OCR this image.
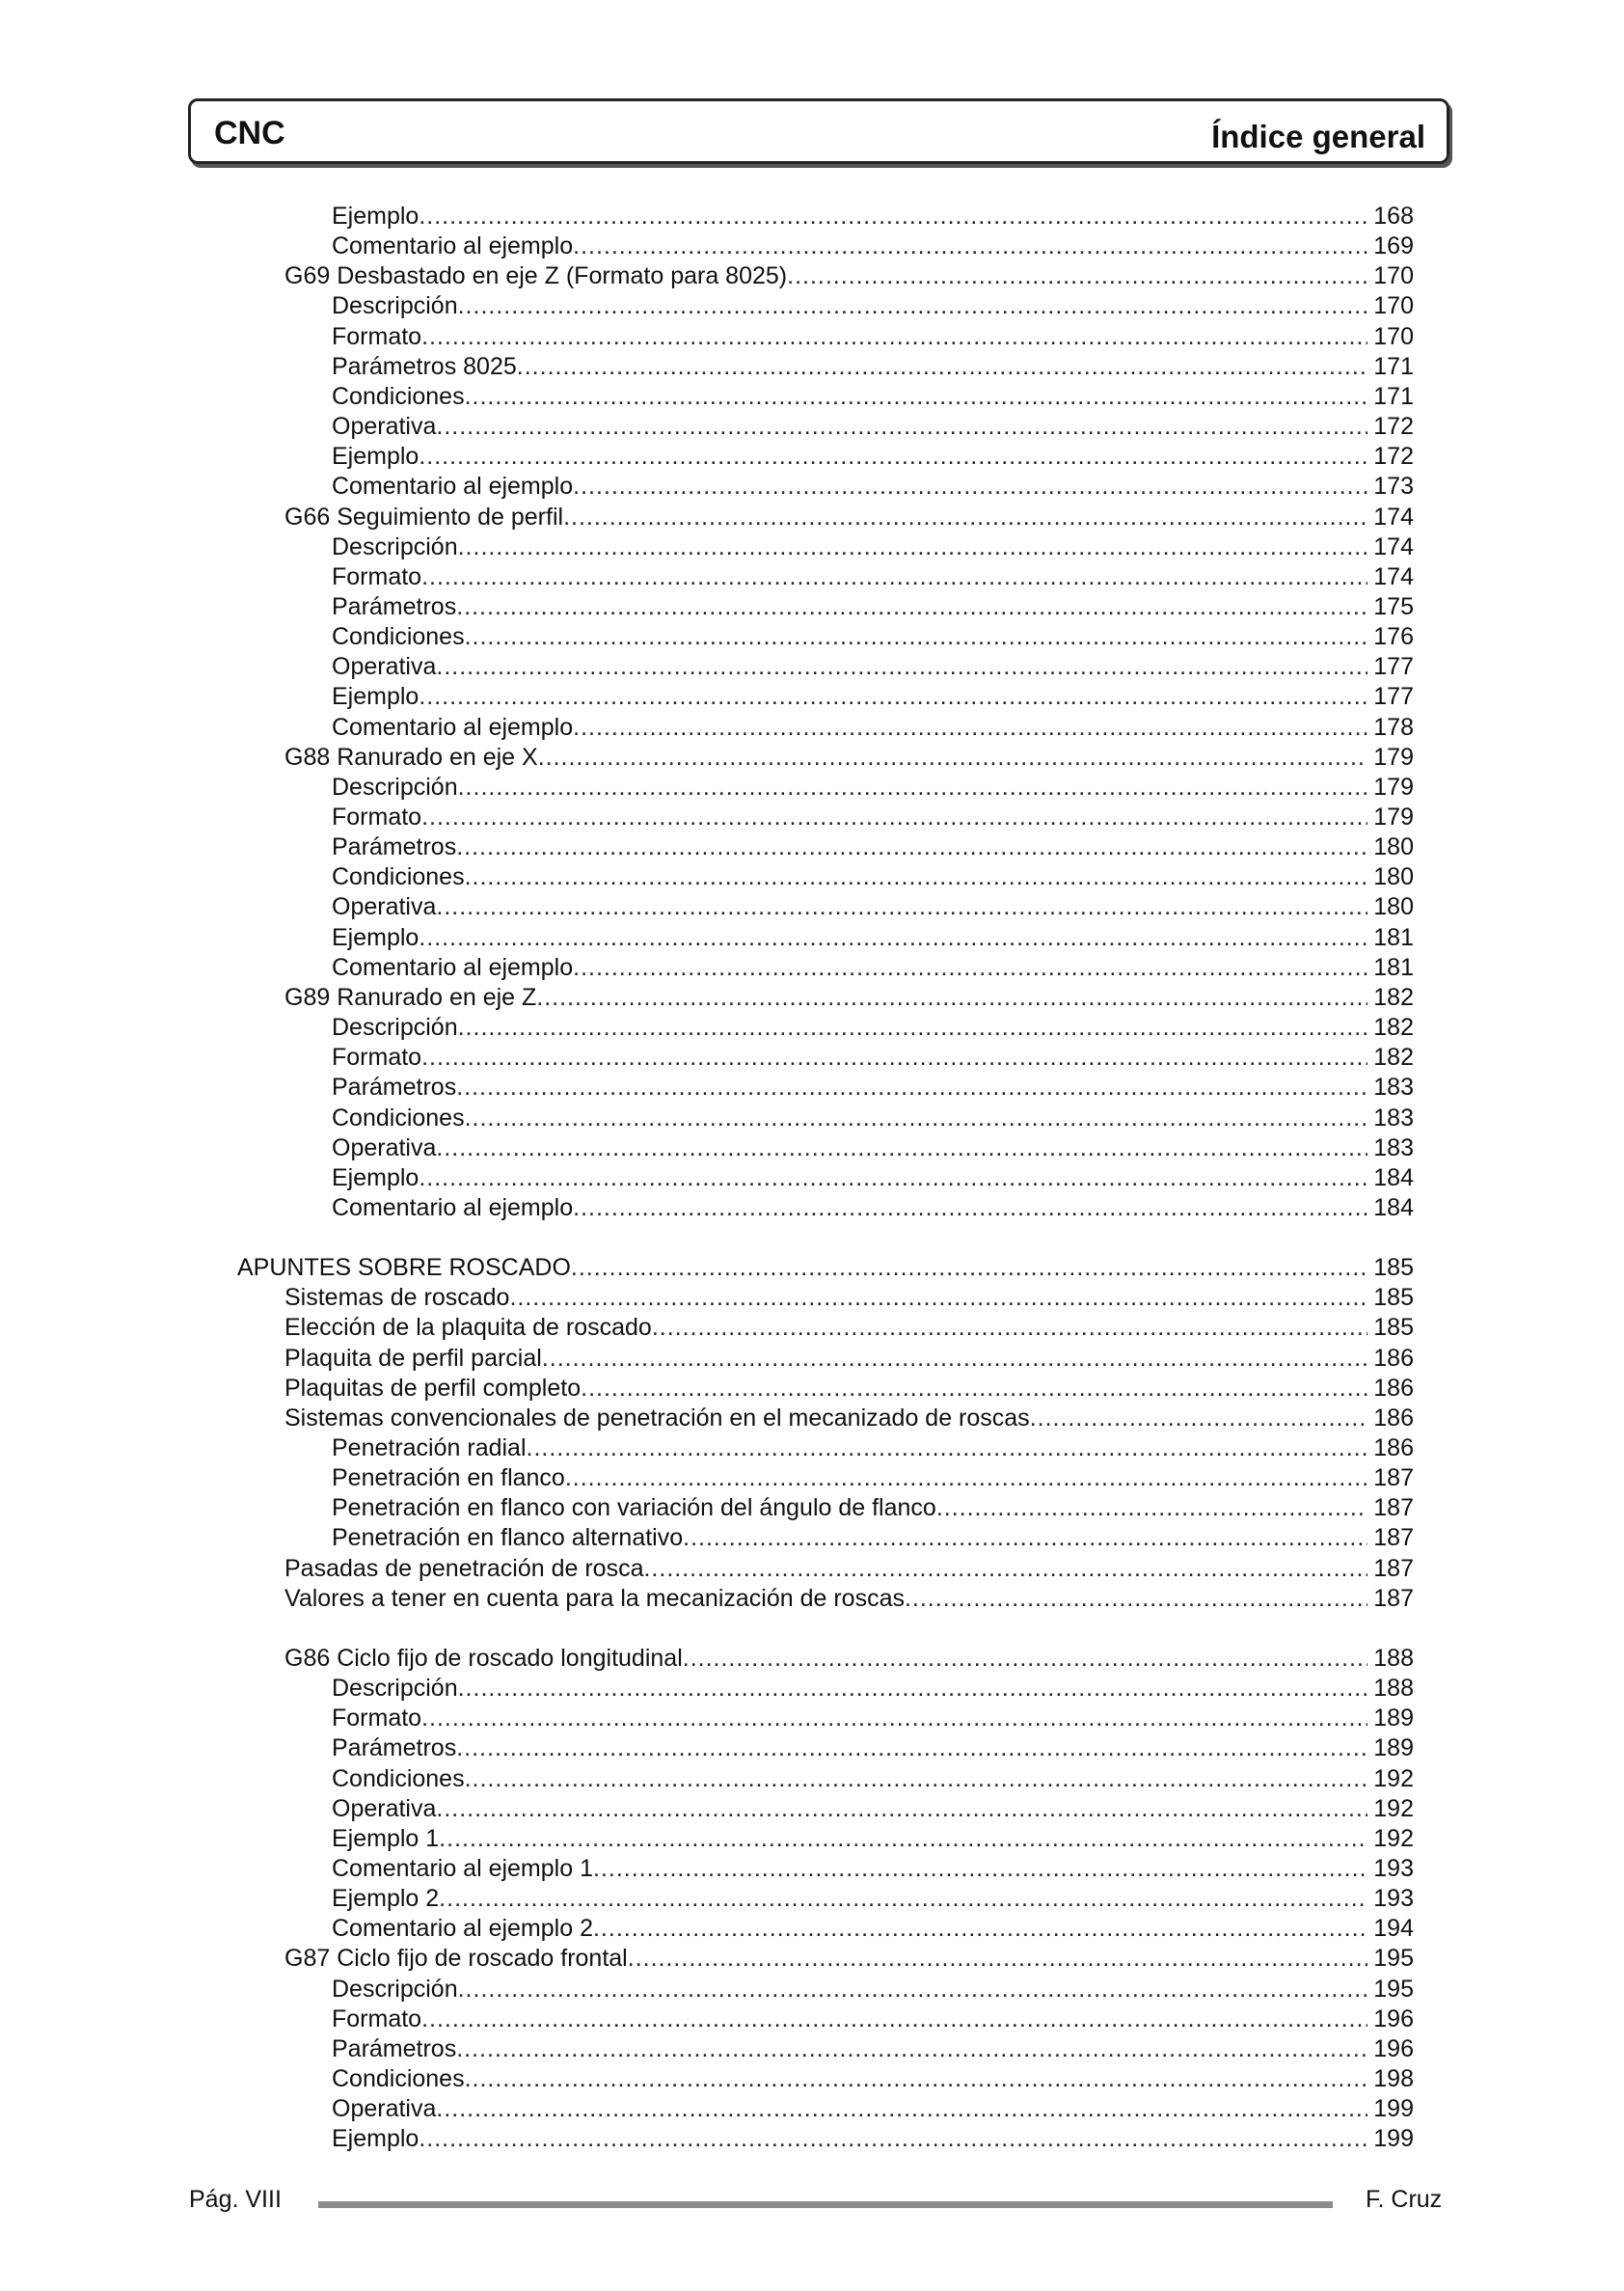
CNC	Índice general
Ejemplo .....	168
Comentario al ejemplo .....	169
G69 Desbastado en eje Z (Formato para 8025) .....	170
Descripción .....	170
Formato .....	170
Parámetros 8025 .....	171
Condiciones .....	171
Operativa .....	172
Ejemplo .....	172
Comentario al ejemplo .....	173
G66 Seguimiento de perfil .....	174
Descripción .....	174
Formato .....	174
Parámetros .....	175
Condiciones .....	176
Operativa .....	177
Ejemplo .....	177
Comentario al ejemplo .....	178
G88 Ranurado en eje X .....	179
Descripción .....	179
Formato .....	179
Parámetros .....	180
Condiciones .....	180
Operativa .....	180
Ejemplo .....	181
Comentario al ejemplo .....	181
G89 Ranurado en eje Z .....	182
Descripción .....	182
Formato .....	182
Parámetros .....	183
Condiciones .....	183
Operativa .....	183
Ejemplo .....	184
Comentario al ejemplo .....	184
APUNTES SOBRE ROSCADO .....	185
Sistemas de roscado .....	185
Elección de la plaquita de roscado .....	185
Plaquita de perfil parcial .....	186
Plaquitas de perfil completo .....	186
Sistemas convencionales de penetración en el mecanizado de roscas .....	186
Penetración radial .....	186
Penetración en flanco .....	187
Penetración en flanco con variación del ángulo de flanco .....	187
Penetración en flanco alternativo .....	187
Pasadas de penetración de rosca .....	187
Valores a tener en cuenta para la mecanización de roscas .....	187
G86 Ciclo fijo de roscado longitudinal .....	188
Descripción .....	188
Formato .....	189
Parámetros .....	189
Condiciones .....	192
Operativa .....	192
Ejemplo 1 .....	192
Comentario al ejemplo 1 .....	193
Ejemplo 2 .....	193
Comentario al ejemplo 2 .....	194
G87 Ciclo fijo de roscado frontal .....	195
Descripción .....	195
Formato .....	196
Parámetros .....	196
Condiciones .....	198
Operativa .....	199
Ejemplo .....	199
Pág. VIII	F. Cruz
